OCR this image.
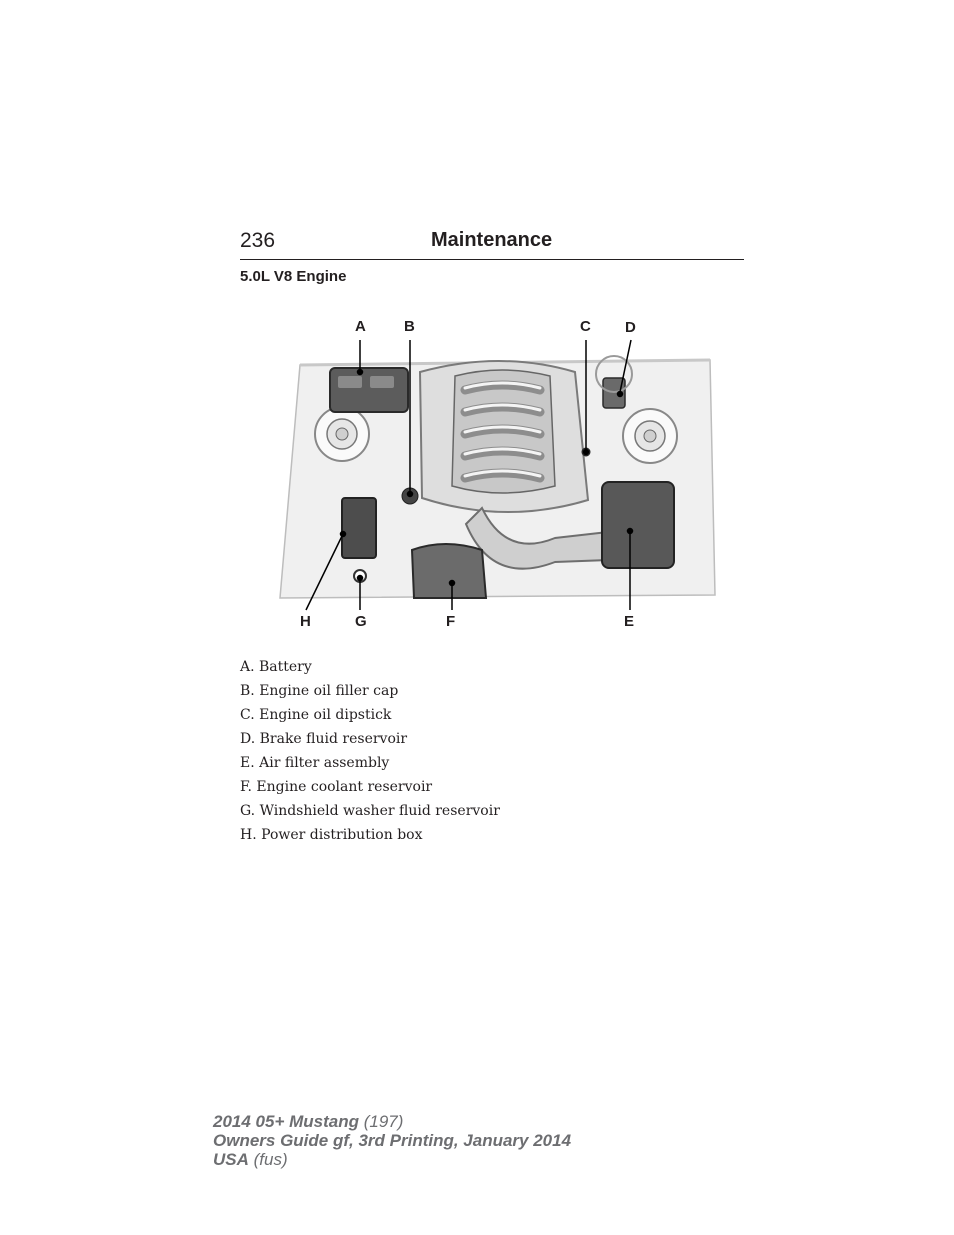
236	Maintenance
5.0L V8 Engine
A	B	C D
E
F
G
H
A. Battery
B. Engine oil filler cap
C. Engine oil dipstick
D. Brake fluid reservoir
E. Air filter assembly
F. Engine coolant reservoir
G. Windshield washer fluid reservoir
H. Power distribution box
2014 05+ Mustang (197)
Owners Guide gf, 3rd Printing, January 2014
USA (fus)
